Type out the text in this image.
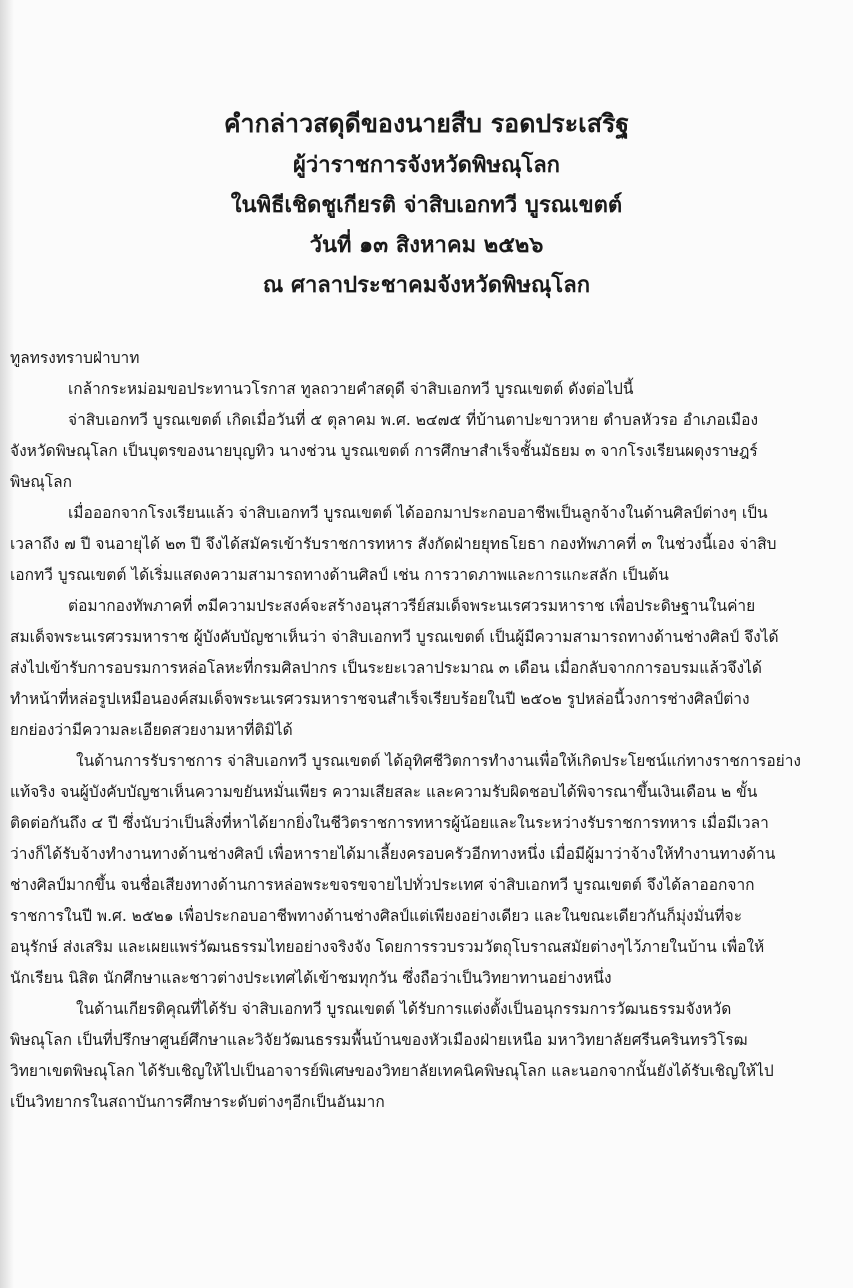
คำกล่าวสดุดีของนายสืบ รอดประเสริฐ
ผู้ว่าราชการจังหวัดพิษณุโลก
ในพิธีเชิดชูเกียรติ จ่าสิบเอกทวี บูรณเขตต์
วันที่ ๑๓ สิงหาคม ๒๕๒๖
ณ ศาลาประชาคมจังหวัดพิษณุโลก
ทูลทรงทราบฝ่าบาท
เกล้ากระหม่อมขอประทานวโรกาส ทูลถวายคำสดุดี จ่าสิบเอกทวี บูรณเขตต์ ดังต่อไปนี้
จ่าสิบเอกทวี บูรณเขตต์ เกิดเมื่อวันที่ ๕ ตุลาคม พ.ศ. ๒๔๗๕ ที่บ้านตาปะขาวหาย ตำบลหัวรอ อำเภอเมือง
จังหวัดพิษณุโลก เป็นบุตรของนายบุญทิว นางช่วน บูรณเขตต์ การศึกษาสำเร็จชั้นมัธยม ๓ จากโรงเรียนผดุงราษฎร์
พิษณุโลก
เมื่อออกจากโรงเรียนแล้ว จ่าสิบเอกทวี บูรณเขตต์ ได้ออกมาประกอบอาชีพเป็นลูกจ้างในด้านศิลป์ต่างๆ เป็น
เวลาถึง ๗ ปี จนอายุได้ ๒๓ ปี จึงได้สมัครเข้ารับราชการทหาร สังกัดฝ่ายยุทธโยธา กองทัพภาคที่ ๓ ในช่วงนี้เอง จ่าสิบ
เอกทวี บูรณเขตต์ ได้เริ่มแสดงความสามารถทางด้านศิลป์ เช่น การวาดภาพและการแกะสลัก เป็นต้น
ต่อมากองทัพภาคที่ ๓มีความประสงค์จะสร้างอนุสาวรีย์สมเด็จพระนเรศวรมหาราช เพื่อประดิษฐานในค่าย
สมเด็จพระนเรศวรมหาราช ผู้บังคับบัญชาเห็นว่า จ่าสิบเอกทวี บูรณเขตต์ เป็นผู้มีความสามารถทางด้านช่างศิลป์ จึงได้
ส่งไปเข้ารับการอบรมการหล่อโลหะที่กรมศิลปากร เป็นระยะเวลาประมาณ ๓ เดือน เมื่อกลับจากการอบรมแล้วจึงได้
ทำหน้าที่หล่อรูปเหมือนองค์สมเด็จพระนเรศวรมหาราชจนสำเร็จเรียบร้อยในปี ๒๕๐๒ รูปหล่อนี้วงการช่างศิลป์ต่าง
ยกย่องว่ามีความละเอียดสวยงามหาที่ติมิได้
ในด้านการรับราชการ จ่าสิบเอกทวี บูรณเขตต์ ได้อุทิศชีวิตการทำงานเพื่อให้เกิดประโยชน์แก่ทางราชการอย่าง
แท้จริง จนผู้บังคับบัญชาเห็นความขยันหมั่นเพียร ความเสียสละ และความรับผิดชอบได้พิจารณาขึ้นเงินเดือน ๒ ขั้น
ติดต่อกันถึง ๔ ปี ซึ่งนับว่าเป็นสิ่งที่หาได้ยากยิ่งในชีวิตราชการทหารผู้น้อยและในระหว่างรับราชการทหาร เมื่อมีเวลา
ว่างก็ได้รับจ้างทำงานทางด้านช่างศิลป์ เพื่อหารายได้มาเลี้ยงครอบครัวอีกทางหนึ่ง เมื่อมีผู้มาว่าจ้างให้ทำงานทางด้าน
ช่างศิลป์มากขึ้น จนชื่อเสียงทางด้านการหล่อพระขจรขจายไปทั่วประเทศ จ่าสิบเอกทวี บูรณเขตต์ จึงได้ลาออกจาก
ราชการในปี พ.ศ. ๒๕๒๑ เพื่อประกอบอาชีพทางด้านช่างศิลป์แต่เพียงอย่างเดียว และในขณะเดียวกันก็มุ่งมั่นที่จะ
อนุรักษ์ ส่งเสริม และเผยแพร่วัฒนธรรมไทยอย่างจริงจัง โดยการรวบรวมวัตถุโบราณสมัยต่างๆไว้ภายในบ้าน เพื่อให้
นักเรียน นิสิต นักศึกษาและชาวต่างประเทศได้เข้าชมทุกวัน ซึ่งถือว่าเป็นวิทยาทานอย่างหนึ่ง
ในด้านเกียรติคุณที่ได้รับ จ่าสิบเอกทวี บูรณเขตต์ ได้รับการแต่งตั้งเป็นอนุกรรมการวัฒนธรรมจังหวัด
พิษณุโลก เป็นที่ปรึกษาศูนย์ศึกษาและวิจัยวัฒนธรรมพื้นบ้านของหัวเมืองฝ่ายเหนือ มหาวิทยาลัยศรีนครินทรวิโรฒ
วิทยาเขตพิษณุโลก ได้รับเชิญให้ไปเป็นอาจารย์พิเศษของวิทยาลัยเทคนิคพิษณุโลก และนอกจากนั้นยังได้รับเชิญให้ไป
เป็นวิทยากรในสถาบันการศึกษาระดับต่างๆอีกเป็นอันมาก
